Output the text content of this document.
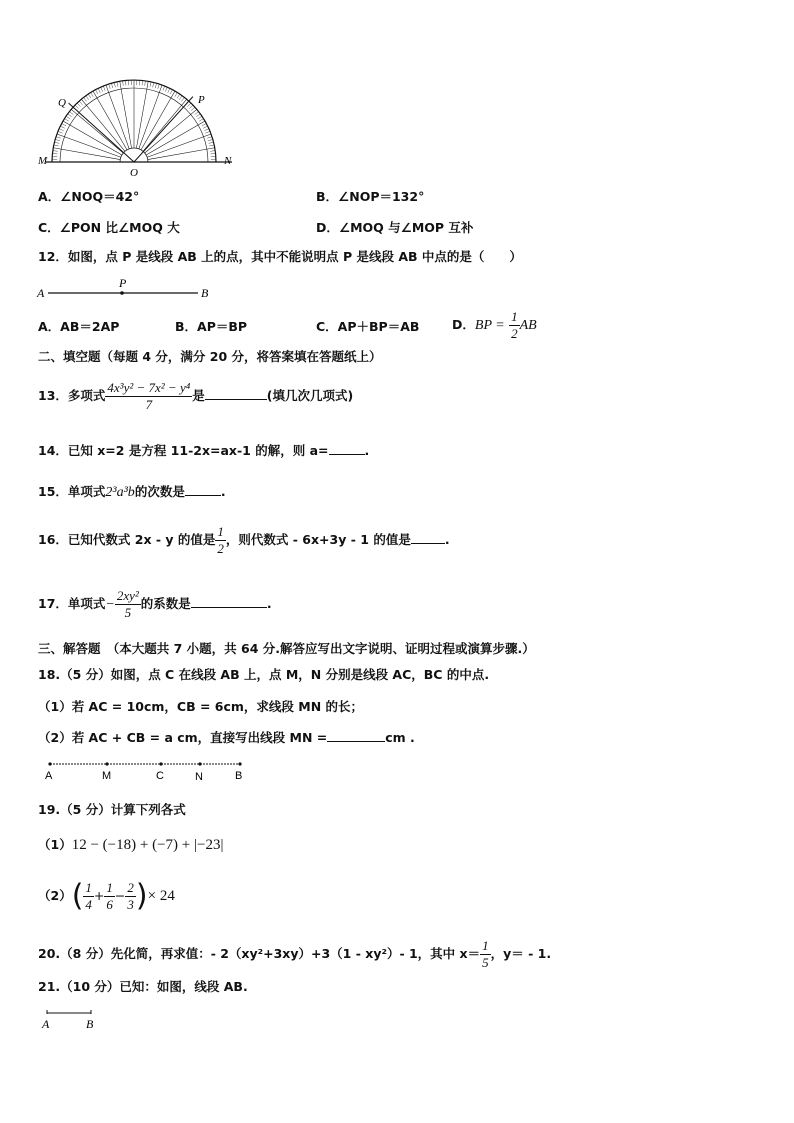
Q	P
M	N
O
A．∠NOQ＝42°	B．∠NOP＝132°
C．∠PON 比∠MOQ 大	D．∠MOQ 与∠MOP 互补
12．如图，点 P 是线段 AB 上的点，其中不能说明点 P 是线段 AB 中点的是（　　）
A
P
B
A．AB＝2AP	B．AP＝BP	C．AP＋BP＝AB	D．BP = $\frac{1}{2}$ AB
二、填空题（每题 4 分，满分 20 分，将答案填在答题纸上）
13．多项式 $\frac{\text{4x³y² − 7x² − y⁴}}{7}$ 是	(填几次几项式)
14．已知 x=2 是方程 11-2x=ax-1 的解，则 a=	.
15．单项式2³a³b的次数是	.
16．已知代数式 2x - y 的值是 $\frac{1}{2}$ ，则代数式 - 6x+3y - 1 的值是	.
17．单项式− $\frac{\text{2xy²}}{5}$ 的系数是	.
三、解答题　（本大题共 7 小题，共 64 分.解答应写出文字说明、证明过程或演算步骤.）
18.（5 分）如图，点 C 在线段 AB 上，点 M，N 分别是线段 AC，BC 的中点.
（1）若 AC = 10cm，CB = 6cm，求线段 MN 的长；
（2）若 AC + CB = a cm，直接写出线段 MN =	cm .
A	M	C	N	B
19.（5 分）计算下列各式
（1）12 − (−18) + (−7) + |−23|
$(2)( \frac{1}{4} + \frac{1}{6} - \frac{2}{3}$ )× 24
20.（8 分）先化简，再求值：- 2（xy²+3xy）+3（1 - xy²）- 1，其中 $x= \frac{1}{5}$ ，y＝ - 1.
21.（10 分）已知：如图，线段 AB.
A	B
